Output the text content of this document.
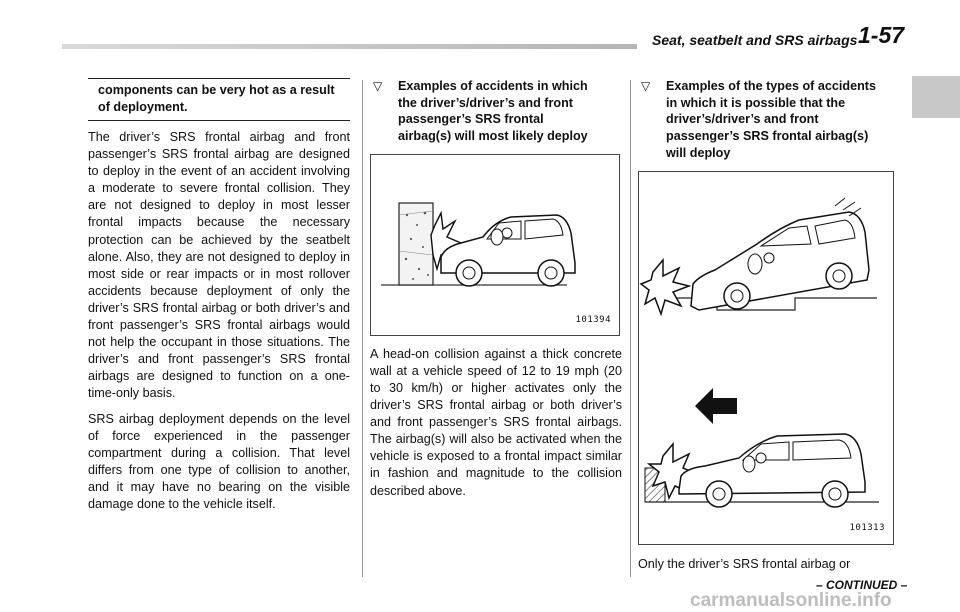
Seat, seatbelt and SRS airbags 1-57
components can be very hot as a result of deployment.

The driver’s SRS frontal airbag and front passenger’s SRS frontal airbag are designed to deploy in the event of an accident involving a moderate to severe frontal collision. They are not designed to deploy in most lesser frontal impacts because the necessary protection can be achieved by the seatbelt alone. Also, they are not designed to deploy in most side or rear impacts or in most rollover accidents because deployment of only the driver’s SRS frontal airbag or both driver’s and front passenger’s SRS frontal airbags would not help the occupant in those situations. The driver’s and front passenger’s SRS frontal airbags are designed to function on a one-time-only basis.

SRS airbag deployment depends on the level of force experienced in the passenger compartment during a collision. That level differs from one type of collision to another, and it may have no bearing on the visible damage done to the vehicle itself.

▽	Examples of accidents in which the driver’s/driver’s and front passenger’s SRS frontal airbag(s) will most likely deploy
101394

A head-on collision against a thick concrete wall at a vehicle speed of 12 to 19 mph (20 to 30 km/h) or higher activates only the driver’s SRS frontal airbag or both driver’s and front passenger’s SRS frontal airbags. The airbag(s) will also be activated when the vehicle is exposed to a frontal impact similar in fashion and magnitude to the collision described above.

▽	Examples of the types of accidents in which it is possible that the driver’s/driver’s and front passenger’s SRS frontal airbag(s) will deploy
101313

Only the driver’s SRS frontal airbag or

– CONTINUED –
carmanualsonline.info
